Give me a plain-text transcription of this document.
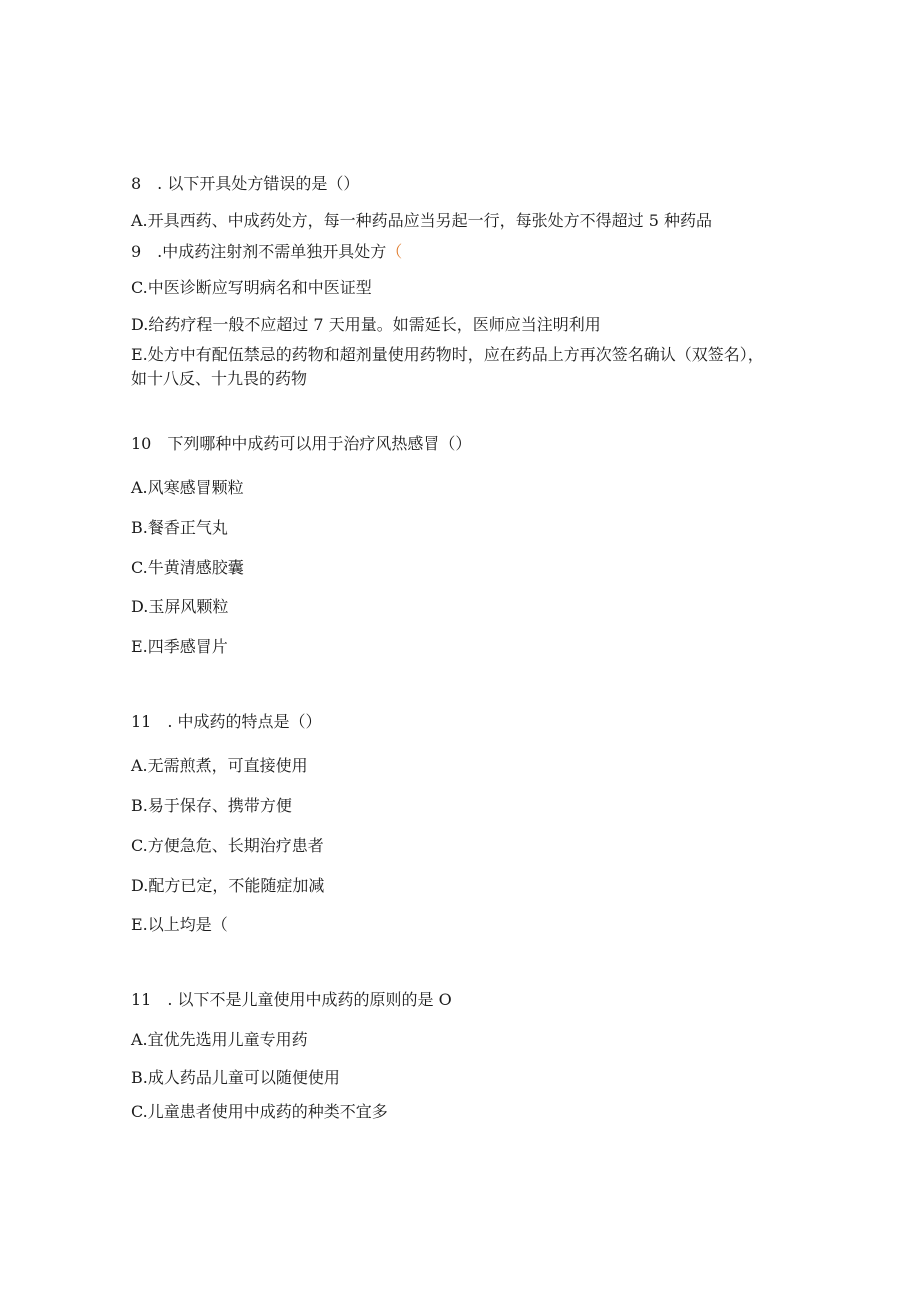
8　. 以下开具处方错误的是（）
A.开具西药、中成药处方，每一种药品应当另起一行，每张处方不得超过 5 种药品
9　.中成药注射剂不需单独开具处方（
C.中医诊断应写明病名和中医证型
D.给药疗程一般不应超过 7 天用量。如需延长，医师应当注明利用
E.处方中有配伍禁忌的药物和超剂量使用药物时，应在药品上方再次签名确认（双签名），如十八反、十九畏的药物
10　下列哪种中成药可以用于治疗风热感冒（）
A.风寒感冒颗粒
B.餐香正气丸
C.牛黄清感胶囊
D.玉屏风颗粒
E.四季感冒片
11　. 中成药的特点是（）
A.无需煎煮，可直接使用
B.易于保存、携带方便
C.方便急危、长期治疗患者
D.配方已定，不能随症加减
E.以上均是（
11　. 以下不是儿童使用中成药的原则的是 O
A.宜优先选用儿童专用药
B.成人药品儿童可以随便使用
C.儿童患者使用中成药的种类不宜多
